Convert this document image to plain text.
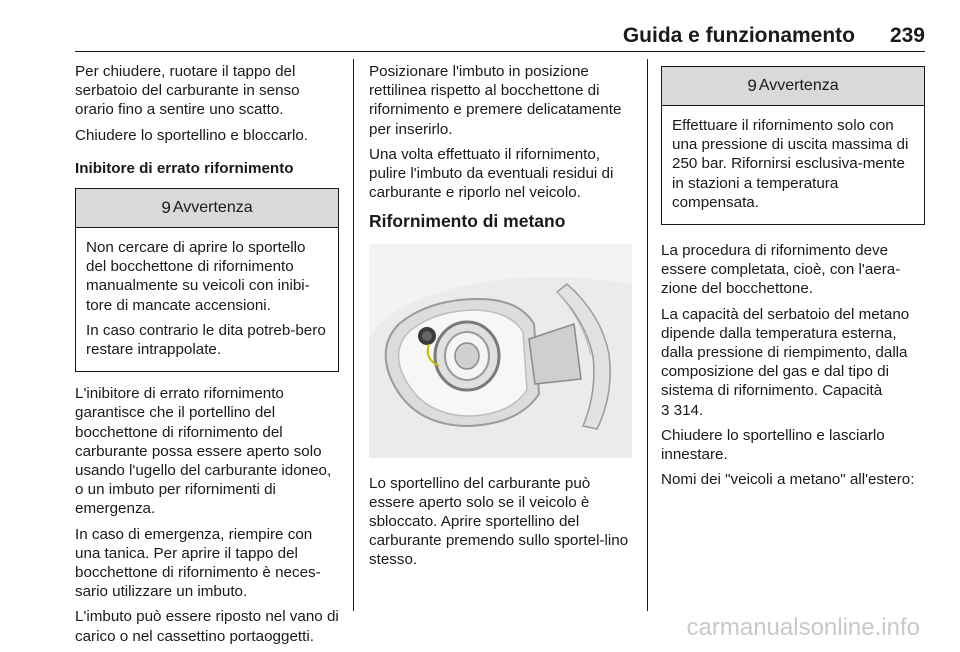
Guida e funzionamento 239

Per chiudere, ruotare il tappo del serbatoio del carburante in senso orario fino a sentire uno scatto.

Chiudere lo sportellino e bloccarlo.

Inibitore di errato rifornimento
9 Avvertenza

Non cercare di aprire lo sportello del bocchettone di rifornimento manualmente su veicoli con inibi-tore di mancate accensioni.

In caso contrario le dita potreb-bero restare intrappolate.

L'inibitore di errato rifornimento garantisce che il portellino del bocchettone di rifornimento del carburante possa essere aperto solo usando l'ugello del carburante idoneo, o un imbuto per rifornimenti di emergenza.

In caso di emergenza, riempire con una tanica. Per aprire il tappo del bocchettone di rifornimento è neces-sario utilizzare un imbuto.

L'imbuto può essere riposto nel vano di carico o nel cassettino portaoggetti.

Posizionare l'imbuto in posizione rettilinea rispetto al bocchettone di rifornimento e premere delicatamente per inserirlo.

Una volta effettuato il rifornimento, pulire l'imbuto da eventuali residui di carburante e riporlo nel veicolo.

Rifornimento di metano

Lo sportellino del carburante può essere aperto solo se il veicolo è sbloccato. Aprire sportellino del carburante premendo sullo sportel-lino stesso.

9 Avvertenza

Effettuare il rifornimento solo con una pressione di uscita massima di 250 bar. Rifornirsi esclusiva-mente in stazioni a temperatura compensata.

La procedura di rifornimento deve essere completata, cioè, con l'aera-zione del bocchettone.

La capacità del serbatoio del metano dipende dalla temperatura esterna, dalla pressione di riempimento, dalla composizione del gas e dal tipo di sistema di rifornimento. Capacità
3 314.

Chiudere lo sportellino e lasciarlo innestare.

Nomi dei "veicoli a metano" all'estero:

carmanualsonline.info
